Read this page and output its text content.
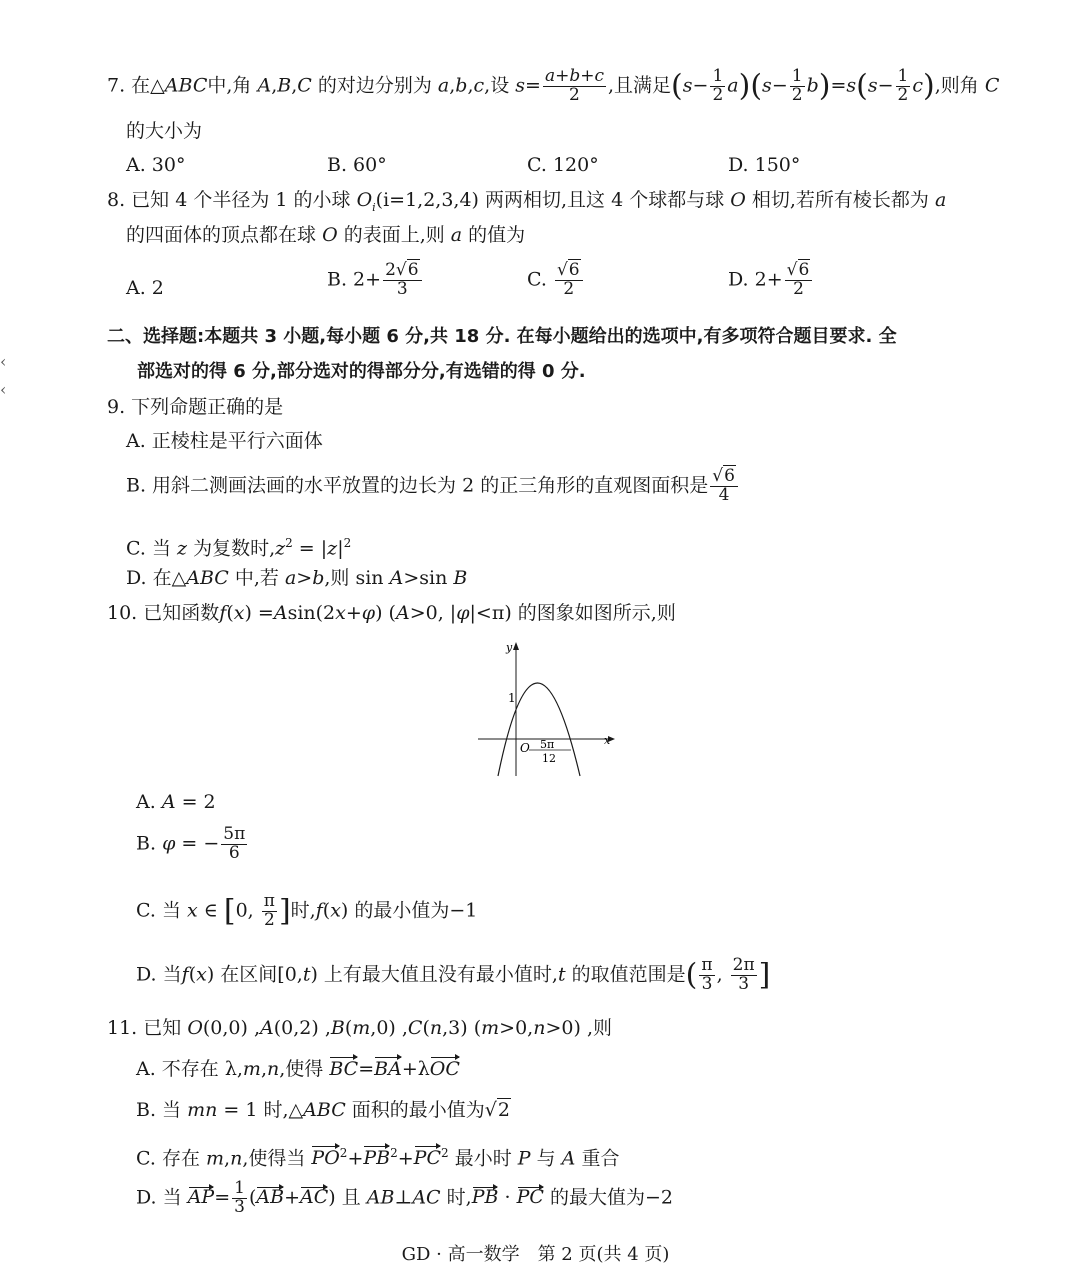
‹
‹
7. 在△ABC中,角 A,B,C 的对边分别为 a,b,c,设 $s= \frac{a+b+c}{2}$ ,且满足$(s- \frac{1}{2} a)(s- \frac{1}{2} b)=s(s- \frac{1}{2} c)$,则角 C
的大小为
A. 30°	B. 60°	C. 120°	D. 150°
8. 已知 4 个半径为 1 的小球 $O_i(i=1,2,3,4)$ 两两相切,且这 4 个球都与球 O 相切,若所有棱长都为 a
的四面体的顶点都在球 O 的表面上,则 a 的值为
A. 2	B. $2+ \frac{2√6}{3}$	C. $\frac{√6}{2}$	D. $2+ \frac{√6}{2}$
二、选择题:本题共 3 小题,每小题 6 分,共 18 分. 在每小题给出的选项中,有多项符合题目要求. 全
部选对的得 6 分,部分选对的得部分分,有选错的得 0 分.
9. 下列命题正确的是
A. 正棱柱是平行六面体
B. 用斜二测画法画的水平放置的边长为 2 的正三角形的直观图面积是 $\frac{√6}{4}$
C. 当 z 为复数时$,z^2 = |z|^2$
D. 在△ABC 中,若 a>b,则 sin A>sin B
10. 已知函数f(x) =Asin(2x+φ) (A>0, |φ|<π) 的图象如图所示,则
y
x
O
1
5π
12
A. A = 2
B. φ = − $\frac{5\pi}{6}$
C. 当 x ∈ [0, $\frac{\pi}{2}$ ]时,f(x) 的最小值为−1
D. 当f(x) 在区间[0,t) 上有最大值且没有最小值时,t 的取值范围是( $\frac{\pi}{3}$ , $\frac{2\pi}{3}$ ]
11. 已知 O(0,0) ,A(0,2) ,B(m,0) ,C(n,3) (m>0,n>0) ,则
A. 不存在 λ,m,n,使得 BC=BA+λOC
B. 当 mn = 1 时,△ABC 面积的最小值为√2
C. 存在 m,n,使得当 $PO^2+PB^2+PC^2$ 最小时 P 与 A 重合
D. 当 $AP= \frac{1}{3} (AB+AC)$ 且 AB⊥AC 时,PB · PC 的最大值为−2
GD · 高一数学　第 2 页(共 4 页)
